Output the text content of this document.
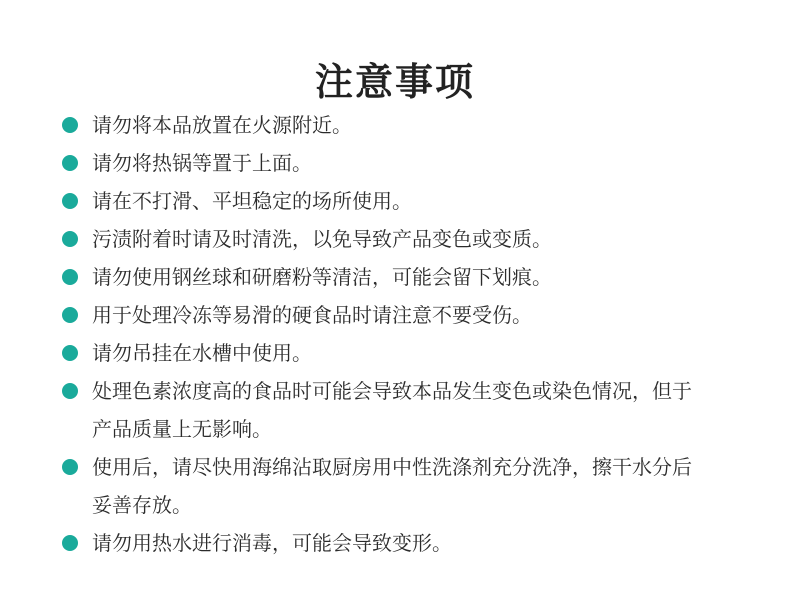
注意事项
请勿将本品放置在火源附近。
请勿将热锅等置于上面。
请在不打滑、平坦稳定的场所使用。
污渍附着时请及时清洗，以免导致产品变色或变质。
请勿使用钢丝球和研磨粉等清洁，可能会留下划痕。
用于处理冷冻等易滑的硬食品时请注意不要受伤。
请勿吊挂在水槽中使用。
处理色素浓度高的食品时可能会导致本品发生变色或染色情况，但于
产品质量上无影响。
使用后，请尽快用海绵沾取厨房用中性洗涤剂充分洗净，擦干水分后
妥善存放。
请勿用热水进行消毒，可能会导致变形。
